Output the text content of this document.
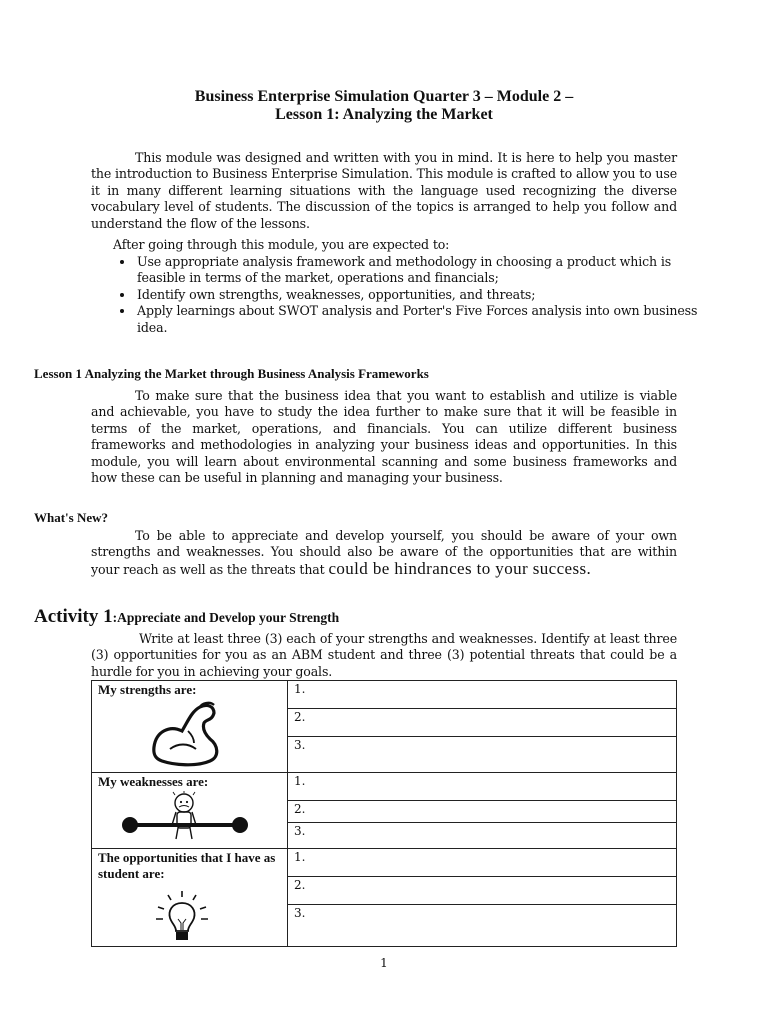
Business Enterprise Simulation Quarter 3 – Module 2 –
Lesson 1: Analyzing the Market
This module was designed and written with you in mind. It is here to help you master the introduction to Business Enterprise Simulation. This module is crafted to allow you to use it in many different learning situations with the language used recognizing the diverse vocabulary level of students. The discussion of the topics is arranged to help you follow and understand the flow of the lessons.
After going through this module, you are expected to:
• Use appropriate analysis framework and methodology in choosing a product which is feasible in terms of the market, operations and financials;
• Identify own strengths, weaknesses, opportunities, and threats;
• Apply learnings about SWOT analysis and Porter's Five Forces analysis into own business idea.
Lesson 1 Analyzing the Market through Business Analysis Frameworks
To make sure that the business idea that you want to establish and utilize is viable and achievable, you have to study the idea further to make sure that it will be feasible in terms of the market, operations, and financials. You can utilize different business frameworks and methodologies in analyzing your business ideas and opportunities. In this module, you will learn about environmental scanning and some business frameworks and how these can be useful in planning and managing your business.
What's New?
To be able to appreciate and develop yourself, you should be aware of your own strengths and weaknesses. You should also be aware of the opportunities that are within your reach as well as the threats that could be hindrances to your success.
Activity 1:Appreciate and Develop your Strength
Write at least three (3) each of your strengths and weaknesses. Identify at least three (3) opportunities for you as an ABM student and three (3) potential threats that could be a hurdle for you in achieving your goals.
My strengths are:	1.
	2.
	3.

My weaknesses are:	1.
	2.
	3.

The opportunities that I have as student are:	1.
	2.
	3.
1
